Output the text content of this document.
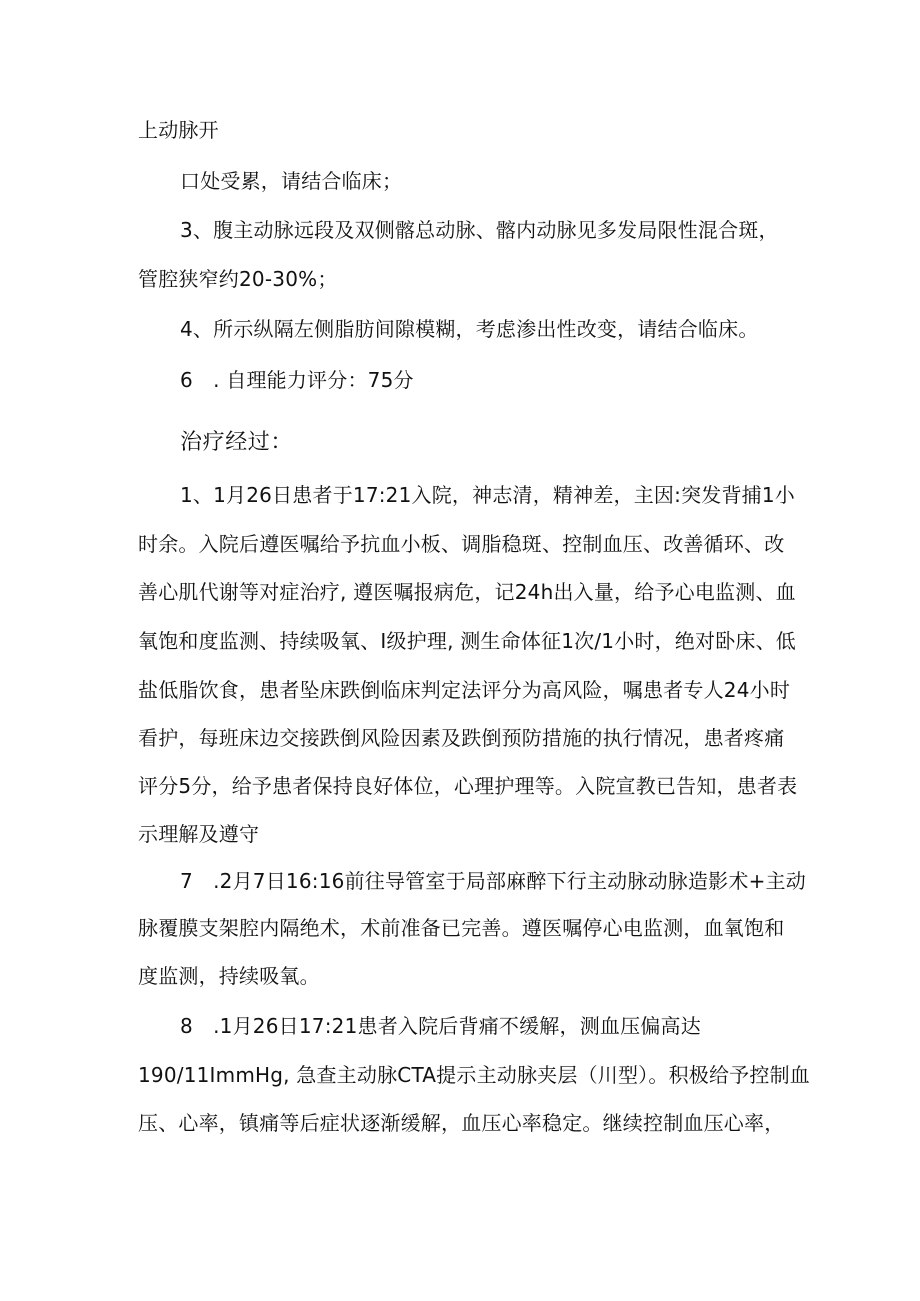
上动脉开
口处受累，请结合临床；
3、腹主动脉远段及双侧髂总动脉、髂内动脉见多发局限性混合斑，
管腔狭窄约20-30%；
4、所示纵隔左侧脂肪间隙模糊，考虑渗出性改变，请结合临床。
6　. 自理能力评分：75分
治疗经过：
1、1月26日患者于17:21入院，神志清，精神差，主因:突发背捕1小
时余。入院后遵医嘱给予抗血小板、调脂稳斑、控制血压、改善循环、改
善心肌代谢等对症治疗, 遵医嘱报病危，记24h出入量，给予心电监测、血
氧饱和度监测、持续吸氧、I级护理, 测生命体征1次/1小时，绝对卧床、低
盐低脂饮食，患者坠床跌倒临床判定法评分为高风险，嘱患者专人24小时
看护，每班床边交接跌倒风险因素及跌倒预防措施的执行情况，患者疼痛
评分5分，给予患者保持良好体位，心理护理等。入院宣教已告知，患者表
示理解及遵守
7　.2月7日16:16前往导管室于局部麻醉下行主动脉动脉造影术+主动
脉覆膜支架腔内隔绝术，术前准备已完善。遵医嘱停心电监测，血氧饱和
度监测，持续吸氧。
8　.1月26日17:21患者入院后背痛不缓解，测血压偏高达
190/11ImmHg, 急查主动脉CTA提示主动脉夹层（川型）。积极给予控制血
压、心率，镇痛等后症状逐渐缓解，血压心率稳定。继续控制血压心率，
